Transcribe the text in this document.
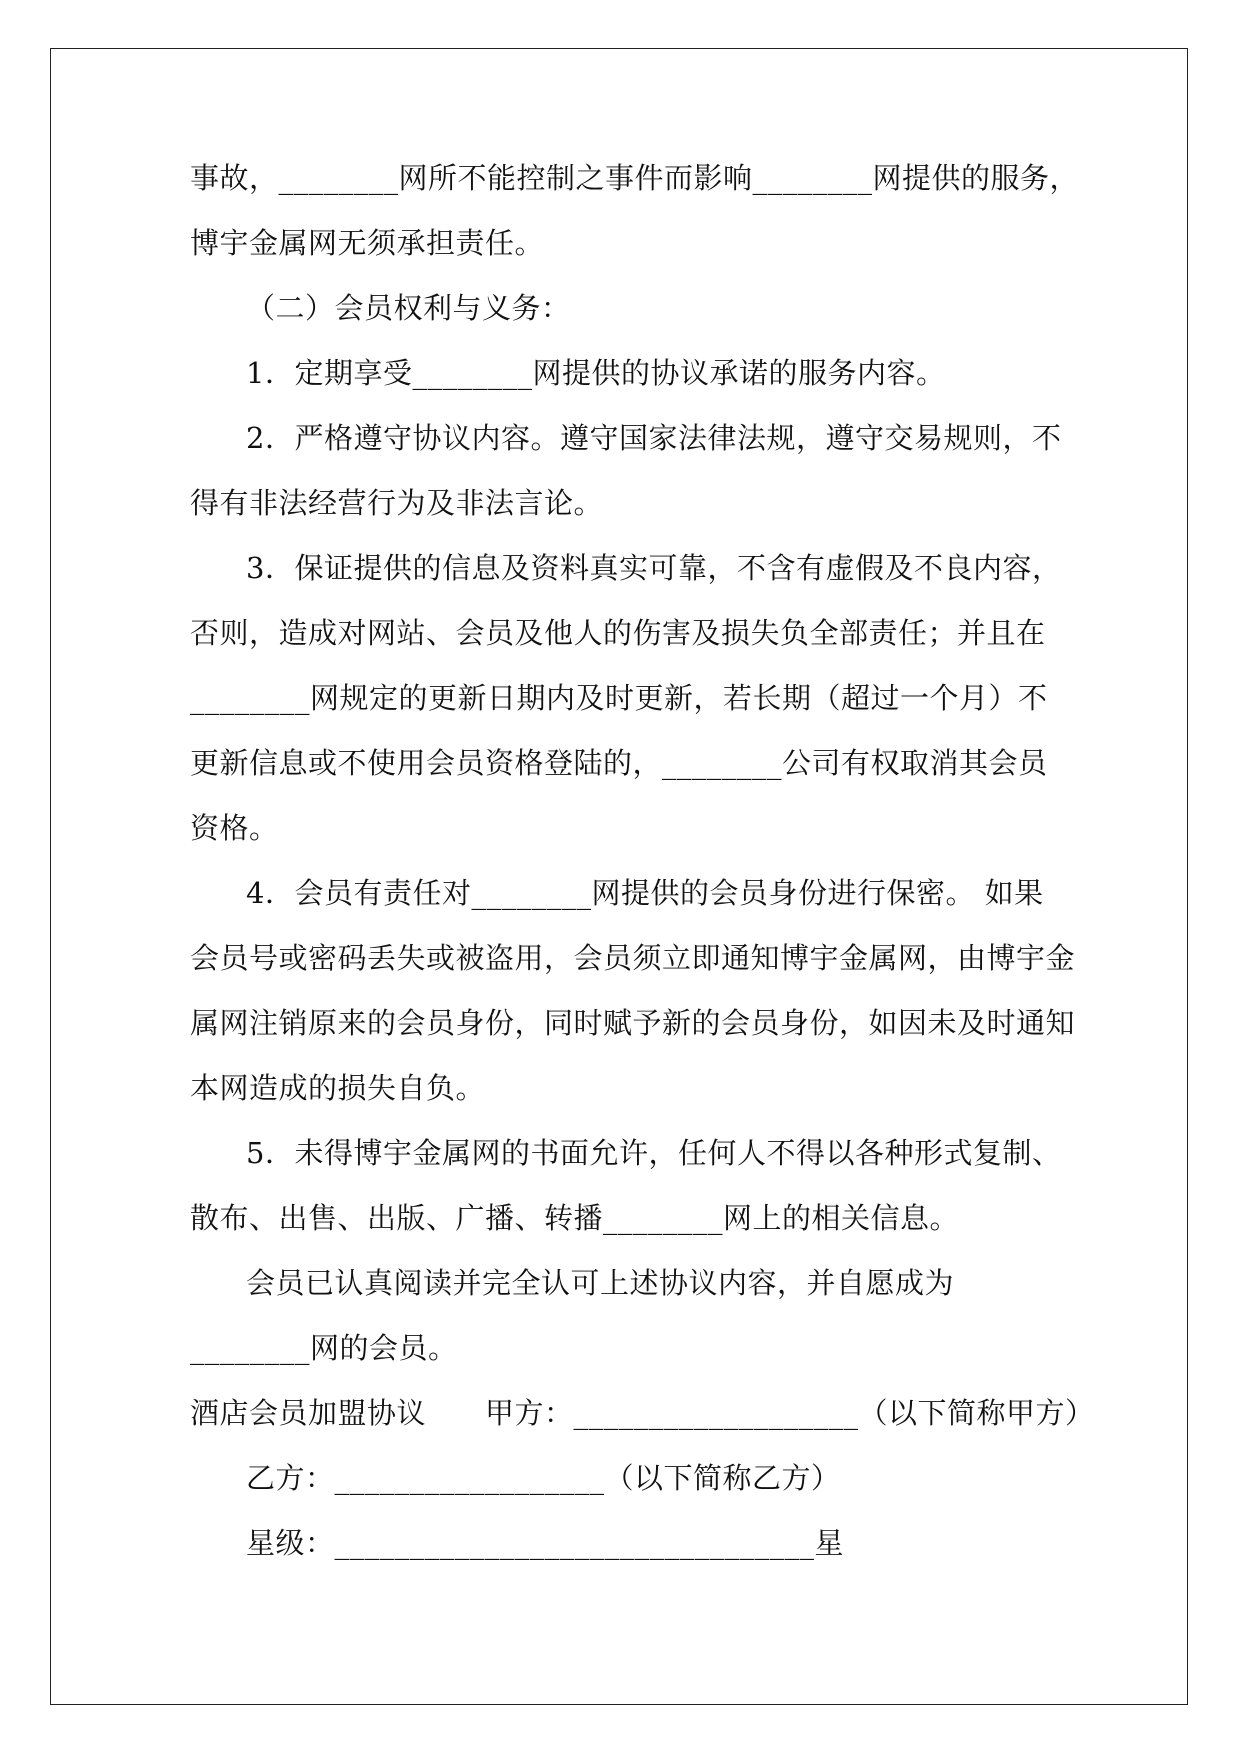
事故，________网所不能控制之事件而影响________网提供的服务，
博宇金属网无须承担责任。
（二）会员权利与义务：
1．定期享受________网提供的协议承诺的服务内容。
2．严格遵守协议内容。遵守国家法律法规，遵守交易规则，不
得有非法经营行为及非法言论。
3．保证提供的信息及资料真实可靠，不含有虚假及不良内容，
否则，造成对网站、会员及他人的伤害及损失负全部责任；并且在
________网规定的更新日期内及时更新，若长期（超过一个月）不
更新信息或不使用会员资格登陆的，________公司有权取消其会员
资格。
4．会员有责任对________网提供的会员身份进行保密。 如果
会员号或密码丢失或被盗用，会员须立即通知博宇金属网，由博宇金
属网注销原来的会员身份，同时赋予新的会员身份，如因未及时通知
本网造成的损失自负。
5．未得博宇金属网的书面允许，任何人不得以各种形式复制、
散布、出售、出版、广播、转播________网上的相关信息。
会员已认真阅读并完全认可上述协议内容，并自愿成为
________网的会员。
酒店会员加盟协议　　甲方：___________________（以下简称甲方）
乙方：__________________（以下简称乙方）
星级：________________________________星
